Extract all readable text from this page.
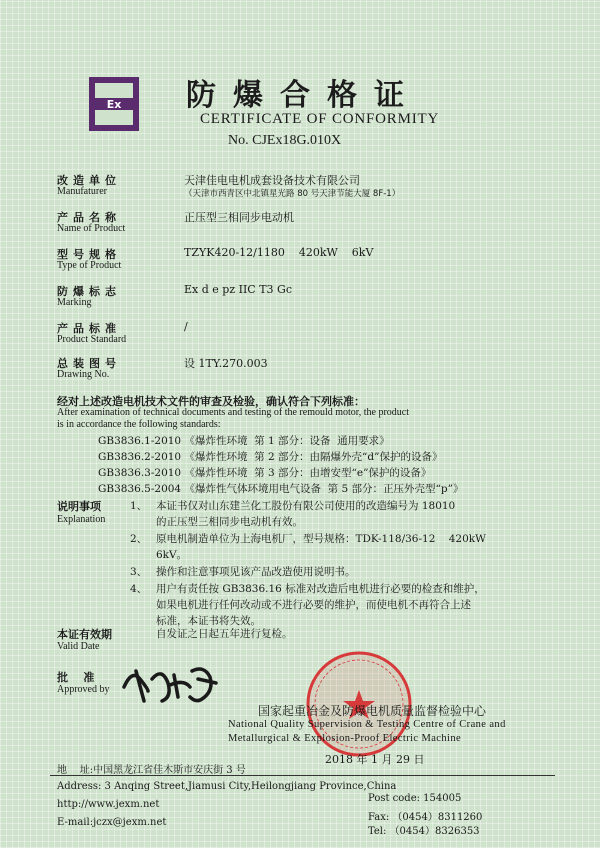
Ex 防爆合格证
CERTIFICATE OF CONFORMITY
No. CJEx18G.010X
改造单位
Manufaturer
天津佳电电机成套设备技术有限公司
（天津市西青区中北镇星光路 80 号天津节能大厦 8F-1）
产品名称
Name of Product
正压型三相同步电动机
型号规格
Type of Product
TZYK420-12/1180    420kW    6kV
防爆标志
Marking
Ex d e pz IIC T3 Gc
产品标准
Product Standard
/
总装图号
Drawing No.
设 1TY.270.003
经对上述改造电机技术文件的审查及检验，确认符合下列标准：
After examination of technical documents and testing of the remould motor, the product
is in accordance the following standards:
GB3836.1-2010 《爆炸性环境  第 1 部分：设备  通用要求》
GB3836.2-2010 《爆炸性环境  第 2 部分：由隔爆外壳“d”保护的设备》
GB3836.3-2010 《爆炸性环境  第 3 部分：由增安型“e”保护的设备》
GB3836.5-2004 《爆炸性气体环境用电气设备  第 5 部分：正压外壳型“p”》
说明事项
Explanation
1、 本证书仅对山东建兰化工股份有限公司使用的改造编号为 18010
的正压型三相同步电动机有效。
2、 原电机制造单位为上海电机厂，型号规格：TDK-118/36-12    420kW
6kV。
3、 操作和注意事项见该产品改造使用说明书。
4、 用户有责任按 GB3836.16 标准对改造后电机进行必要的检查和维护，
如果电机进行任何改动或不进行必要的维护，而使电机不再符合上述
标准，本证书将失效。
本证有效期
Valid Date
自发证之日起五年进行复检。
批    准
Approved by
国家起重冶金及防爆电机质量监督检验中心
National Quality Supervision & Testing Centre of Crane and
Metallurgical & Explosion-Proof Electric Machine
2018 年 1 月 29 日
地    址:中国黑龙江省佳木斯市安庆街 3 号
Address: 3 Anqing Street,Jiamusi City,Heilongjiang Province,China
http://www.jexm.net
E-mail:jczx@jexm.net
Post code: 154005
Fax: （0454）8311260
Tel: （0454）8326353
